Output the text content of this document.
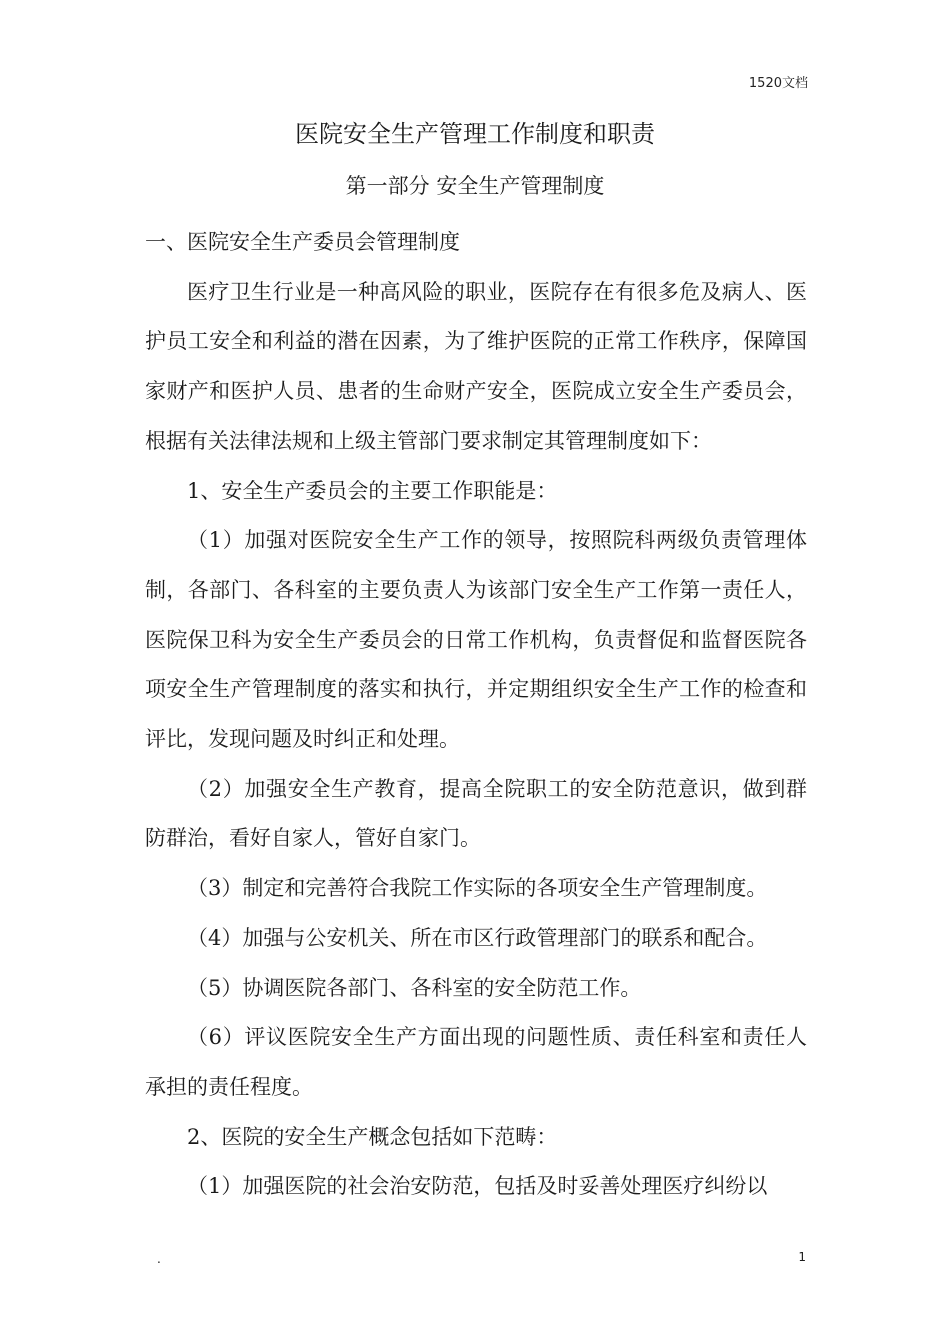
1520文档
医院安全生产管理工作制度和职责
第一部分 安全生产管理制度

一、医院安全生产委员会管理制度

医疗卫生行业是一种高风险的职业，医院存在有很多危及病人、医护员工安全和利益的潜在因素，为了维护医院的正常工作秩序，保障国家财产和医护人员、患者的生命财产安全，医院成立安全生产委员会，根据有关法律法规和上级主管部门要求制定其管理制度如下：

1、安全生产委员会的主要工作职能是：

（1）加强对医院安全生产工作的领导，按照院科两级负责管理体制，各部门、各科室的主要负责人为该部门安全生产工作第一责任人，医院保卫科为安全生产委员会的日常工作机构，负责督促和监督医院各项安全生产管理制度的落实和执行，并定期组织安全生产工作的检查和评比，发现问题及时纠正和处理。

（2）加强安全生产教育，提高全院职工的安全防范意识，做到群防群治，看好自家人，管好自家门。

（3）制定和完善符合我院工作实际的各项安全生产管理制度。

（4）加强与公安机关、所在市区行政管理部门的联系和配合。

（5）协调医院各部门、各科室的安全防范工作。

（6）评议医院安全生产方面出现的问题性质、责任科室和责任人承担的责任程度。

2、医院的安全生产概念包括如下范畴：

（1）加强医院的社会治安防范，包括及时妥善处理医疗纠纷以

.	1
